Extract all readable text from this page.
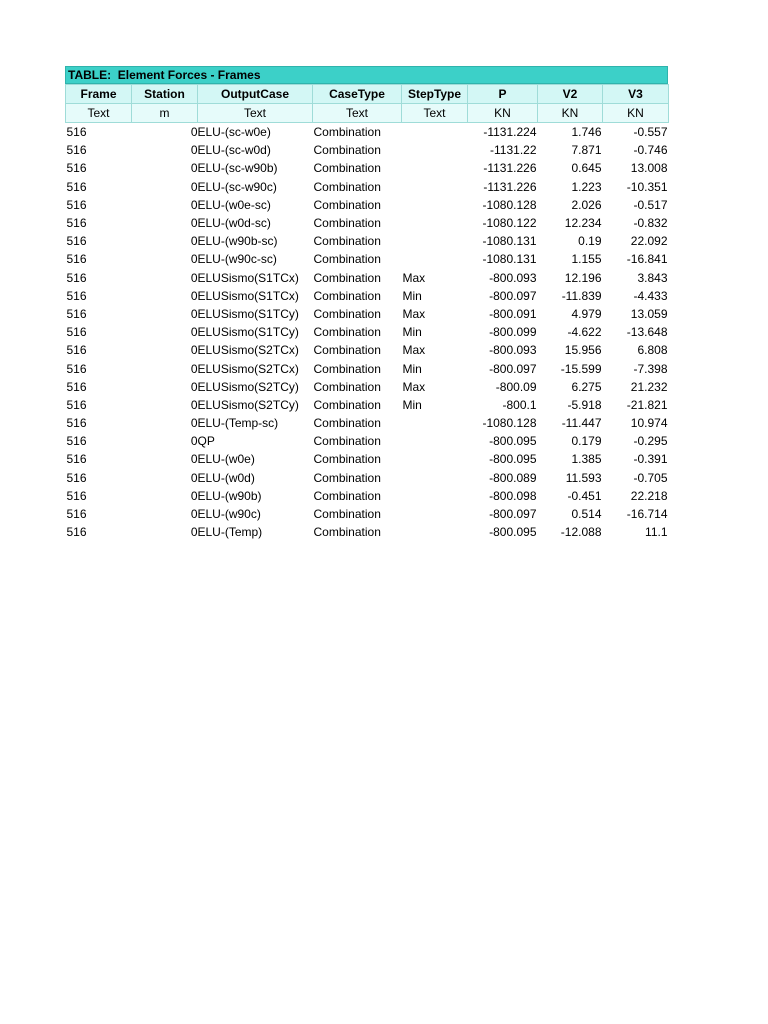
TABLE:  Element Forces - Frames
Frame	Station	OutputCase	CaseType	StepType	P	V2	V3
Text	m	Text	Text	Text	KN	KN	KN
516	0	ELU-(sc-w0e)	Combination		-1131.224	1.746	-0.557
516	0	ELU-(sc-w0d)	Combination		-1131.22	7.871	-0.746
516	0	ELU-(sc-w90b)	Combination		-1131.226	0.645	13.008
516	0	ELU-(sc-w90c)	Combination		-1131.226	1.223	-10.351
516	0	ELU-(w0e-sc)	Combination		-1080.128	2.026	-0.517
516	0	ELU-(w0d-sc)	Combination		-1080.122	12.234	-0.832
516	0	ELU-(w90b-sc)	Combination		-1080.131	0.19	22.092
516	0	ELU-(w90c-sc)	Combination		-1080.131	1.155	-16.841
516	0	ELUSismo(S1TCx)	Combination	Max	-800.093	12.196	3.843
516	0	ELUSismo(S1TCx)	Combination	Min	-800.097	-11.839	-4.433
516	0	ELUSismo(S1TCy)	Combination	Max	-800.091	4.979	13.059
516	0	ELUSismo(S1TCy)	Combination	Min	-800.099	-4.622	-13.648
516	0	ELUSismo(S2TCx)	Combination	Max	-800.093	15.956	6.808
516	0	ELUSismo(S2TCx)	Combination	Min	-800.097	-15.599	-7.398
516	0	ELUSismo(S2TCy)	Combination	Max	-800.09	6.275	21.232
516	0	ELUSismo(S2TCy)	Combination	Min	-800.1	-5.918	-21.821
516	0	ELU-(Temp-sc)	Combination		-1080.128	-11.447	10.974
516	0	QP	Combination		-800.095	0.179	-0.295
516	0	ELU-(w0e)	Combination		-800.095	1.385	-0.391
516	0	ELU-(w0d)	Combination		-800.089	11.593	-0.705
516	0	ELU-(w90b)	Combination		-800.098	-0.451	22.218
516	0	ELU-(w90c)	Combination		-800.097	0.514	-16.714
516	0	ELU-(Temp)	Combination		-800.095	-12.088	11.1
